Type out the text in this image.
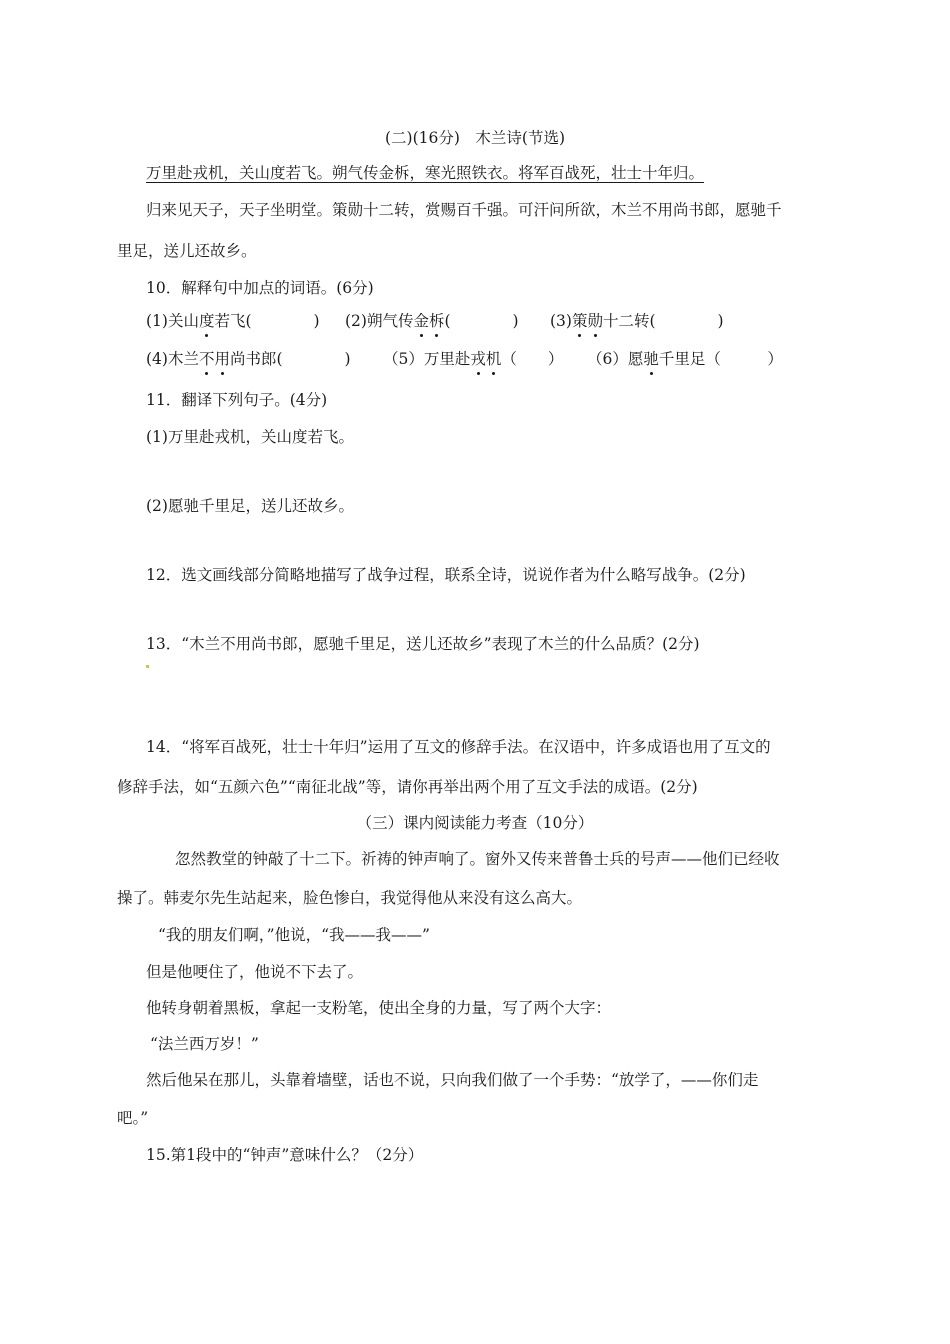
(二)(16分)　木兰诗(节选)
万里赴戎机，关山度若飞。朔气传金柝，寒光照铁衣。将军百战死，壮士十年归。
归来见天子，天子坐明堂。策勋十二转，赏赐百千强。可汗问所欲，木兰不用尚书郎，愿驰千
里足，送儿还故乡。
10．解释句中加点的词语。(6分)
(1)关山度若飞(　　　　) (2)朔气传金柝(　　　　) (3)策勋十二转(　　　　)
(4)木兰不用尚书郎(　　　　) （5）万里赴戎机（　　） （6）愿驰千里足（　　　）
11．翻译下列句子。(4分)
(1)万里赴戎机，关山度若飞。
(2)愿驰千里足，送儿还故乡。
12．选文画线部分简略地描写了战争过程，联系全诗，说说作者为什么略写战争。(2分)
13．“木兰不用尚书郎，愿驰千里足，送儿还故乡”表现了木兰的什么品质？(2分)
14．“将军百战死，壮士十年归”运用了互文的修辞手法。在汉语中，许多成语也用了互文的
修辞手法，如“五颜六色”“南征北战”等，请你再举出两个用了互文手法的成语。(2分)
（三）课内阅读能力考查（10分）
忽然教堂的钟敲了十二下。祈祷的钟声响了。窗外又传来普鲁士兵的号声——他们已经收
操了。韩麦尔先生站起来，脸色惨白，我觉得他从来没有这么高大。
“我的朋友们啊，”他说，“我——我——”
但是他哽住了，他说不下去了。
他转身朝着黑板，拿起一支粉笔，使出全身的力量，写了两个大字：
“法兰西万岁！”
然后他呆在那儿，头靠着墙壁，话也不说，只向我们做了一个手势：“放学了，——你们走
吧。”
15.第1段中的“钟声”意味什么？（2分）
